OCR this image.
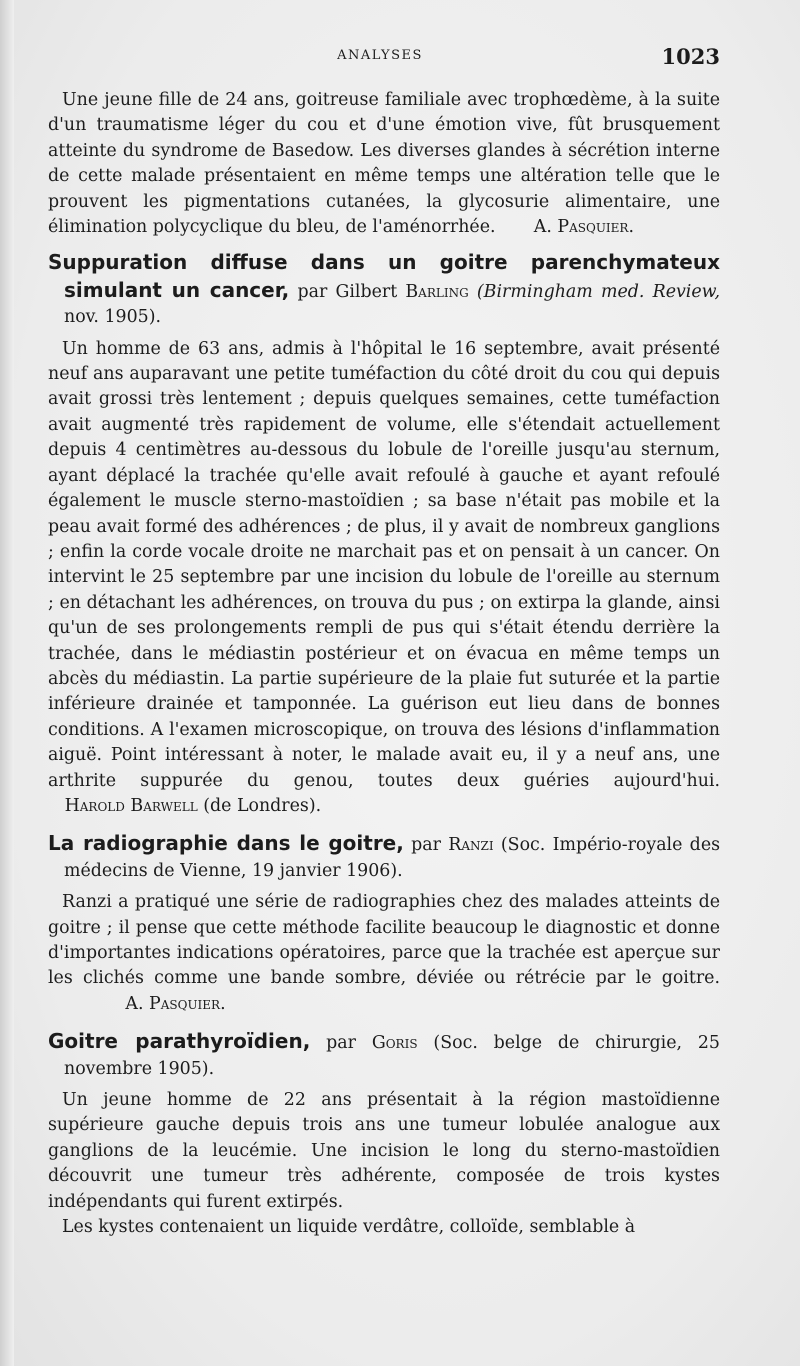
ANALYSES	1023

Une jeune fille de 24 ans, goitreuse familiale avec trophœdème, à la suite d'un traumatisme léger du cou et d'une émotion vive, fût brusquement atteinte du syndrome de Basedow. Les diverses glandes à sécrétion interne de cette malade présentaient en même temps une altération telle que le prouvent les pigmentations cutanées, la glycosurie alimentaire, une élimination polycyclique du bleu, de l'aménorrhée.	A. Pasquier.

Suppuration diffuse dans un goitre parenchymateux simulant un cancer, par Gilbert Barling (Birmingham med. Review, nov. 1905).

Un homme de 63 ans, admis à l'hôpital le 16 septembre, avait présenté neuf ans auparavant une petite tuméfaction du côté droit du cou qui depuis avait grossi très lentement ; depuis quelques semaines, cette tuméfaction avait augmenté très rapidement de volume, elle s'étendait actuellement depuis 4 centimètres au-dessous du lobule de l'oreille jusqu'au sternum, ayant déplacé la trachée qu'elle avait refoulé à gauche et ayant refoulé également le muscle sterno-mastoïdien ; sa base n'était pas mobile et la peau avait formé des adhérences ; de plus, il y avait de nombreux ganglions ; enfin la corde vocale droite ne marchait pas et on pensait à un cancer. On intervint le 25 septembre par une incision du lobule de l'oreille au sternum ; en détachant les adhérences, on trouva du pus ; on extirpa la glande, ainsi qu'un de ses prolongements rempli de pus qui s'était étendu derrière la trachée, dans le médiastin postérieur et on évacua en même temps un abcès du médiastin. La partie supérieure de la plaie fut suturée et la partie inférieure drainée et tamponnée. La guérison eut lieu dans de bonnes conditions. A l'examen microscopique, on trouva des lésions d'inflammation aiguë. Point intéressant à noter, le malade avait eu, il y a neuf ans, une arthrite suppurée du genou, toutes deux guéries aujourd'hui.    Harold Barwell (de Londres).

La radiographie dans le goitre, par Ranzi (Soc. Império-royale des médecins de Vienne, 19 janvier 1906).

Ranzi a pratiqué une série de radiographies chez des malades atteints de goitre ; il pense que cette méthode facilite beaucoup le diagnostic et donne d'importantes indications opératoires, parce que la trachée est aperçue sur les clichés comme une bande sombre, déviée ou rétrécie par le goitre.               A. Pasquier.

Goitre parathyroïdien, par Goris (Soc. belge de chirurgie, 25 novembre 1905).

Un jeune homme de 22 ans présentait à la région mastoïdienne supérieure gauche depuis trois ans une tumeur lobulée analogue aux ganglions de la leucémie. Une incision le long du sterno-mastoïdien découvrit une tumeur très adhérente, composée de trois kystes indépendants qui furent extirpés.

Les kystes contenaient un liquide verdâtre, colloïde, semblable à
